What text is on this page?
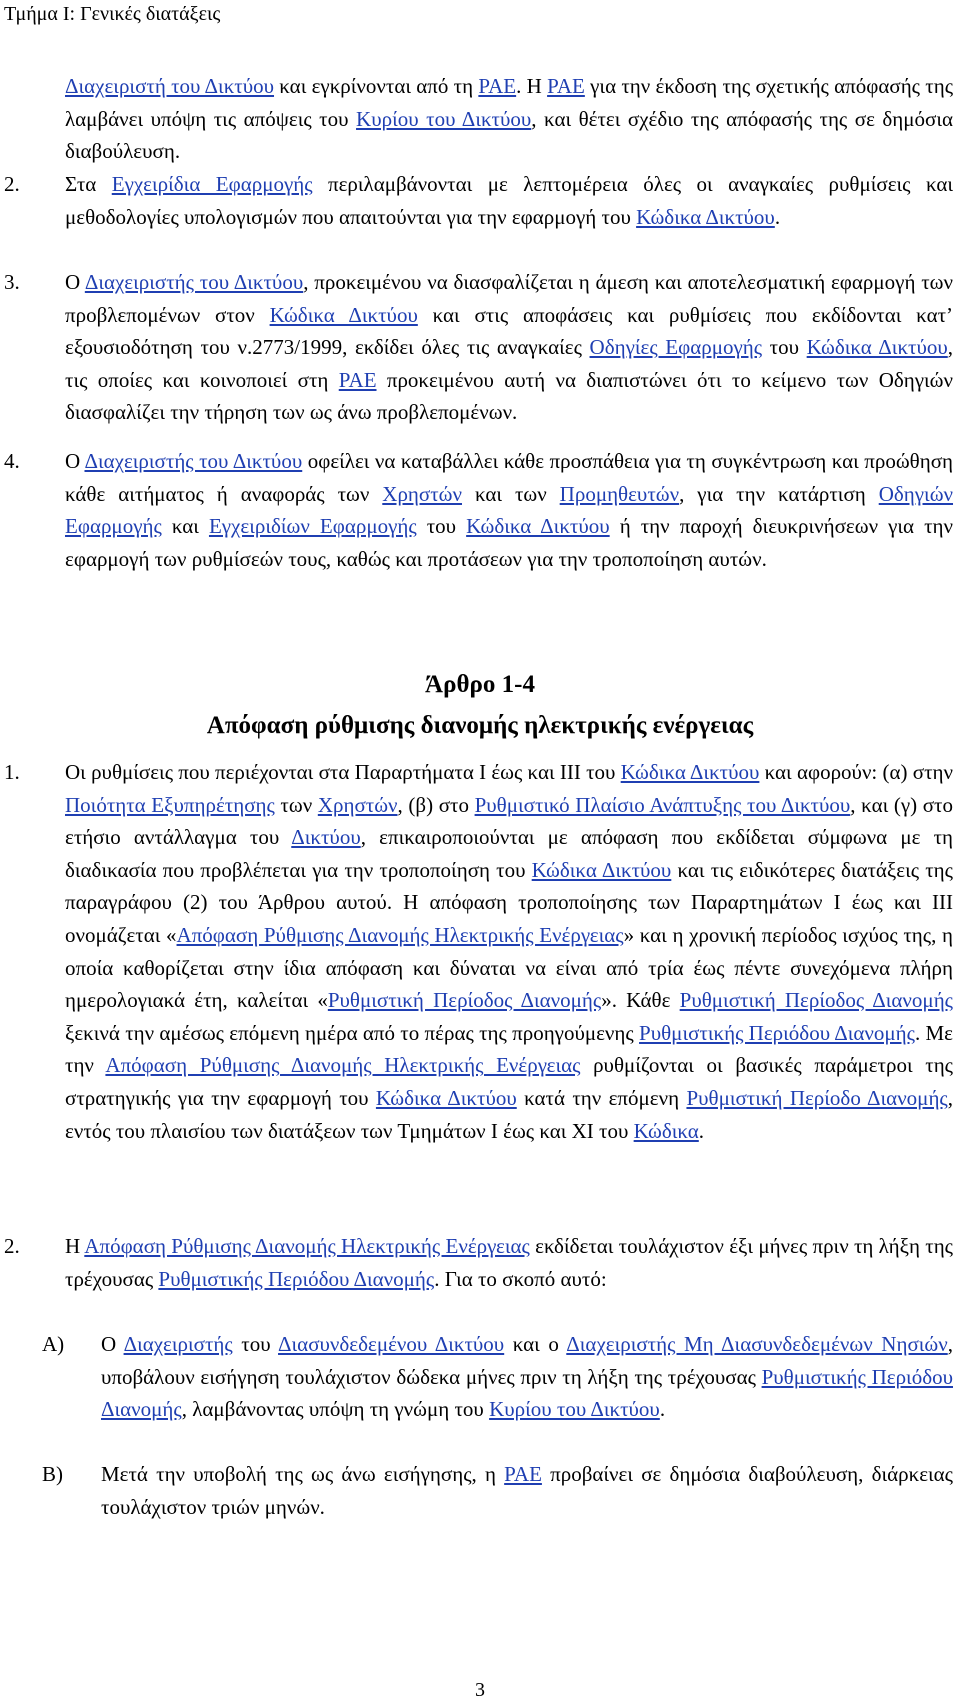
Τμήμα Ι: Γενικές διατάξεις

Διαχειριστή του Δικτύου και εγκρίνονται από τη ΡΑΕ. Η ΡΑΕ για την έκδοση της σχετικής απόφασής της λαμβάνει υπόψη τις απόψεις του Κυρίου του Δικτύου, και θέτει σχέδιο της απόφασής της σε δημόσια διαβούλευση.

2. Στα Εγχειρίδια Εφαρμογής περιλαμβάνονται με λεπτομέρεια όλες οι αναγκαίες ρυθμίσεις και μεθοδολογίες υπολογισμών που απαιτούνται για την εφαρμογή του Κώδικα Δικτύου.

3. Ο Διαχειριστής του Δικτύου, προκειμένου να διασφαλίζεται η άμεση και αποτελεσματική εφαρμογή των προβλεπομένων στον Κώδικα Δικτύου και στις αποφάσεις και ρυθμίσεις που εκδίδονται κατ’ εξουσιοδότηση του ν.2773/1999, εκδίδει όλες τις αναγκαίες Οδηγίες Εφαρμογής του Κώδικα Δικτύου, τις οποίες και κοινοποιεί στη ΡΑΕ προκειμένου αυτή να διαπιστώνει ότι το κείμενο των Οδηγιών διασφαλίζει την τήρηση των ως άνω προβλεπομένων.

4. Ο Διαχειριστής του Δικτύου οφείλει να καταβάλλει κάθε προσπάθεια για τη συγκέντρωση και προώθηση κάθε αιτήματος ή αναφοράς των Χρηστών και των Προμηθευτών, για την κατάρτιση Οδηγιών Εφαρμογής και Εγχειριδίων Εφαρμογής του Κώδικα Δικτύου ή την παροχή διευκρινήσεων για την εφαρμογή των ρυθμίσεών τους, καθώς και προτάσεων για την τροποποίηση αυτών.

Άρθρο 1-4
Απόφαση ρύθμισης διανομής ηλεκτρικής ενέργειας
1. Οι ρυθμίσεις που περιέχονται στα Παραρτήματα Ι έως και ΙΙΙ του Κώδικα Δικτύου και αφορούν: (α) στην Ποιότητα Εξυπηρέτησης των Χρηστών, (β) στο Ρυθμιστικό Πλαίσιο Ανάπτυξης του Δικτύου, και (γ) στο ετήσιο αντάλλαγμα του Δικτύου, επικαιροποιούνται με απόφαση που εκδίδεται σύμφωνα με τη διαδικασία που προβλέπεται για την τροποποίηση του Κώδικα Δικτύου και τις ειδικότερες διατάξεις της παραγράφου (2) του Άρθρου αυτού. Η απόφαση τροποποίησης των Παραρτημάτων Ι έως και ΙΙΙ ονομάζεται «Απόφαση Ρύθμισης Διανομής Ηλεκτρικής Ενέργειας» και η χρονική περίοδος ισχύος της, η οποία καθορίζεται στην ίδια απόφαση και δύναται να είναι από τρία έως πέντε συνεχόμενα πλήρη ημερολογιακά έτη, καλείται «Ρυθμιστική Περίοδος Διανομής». Κάθε Ρυθμιστική Περίοδος Διανομής ξεκινά την αμέσως επόμενη ημέρα από το πέρας της προηγούμενης Ρυθμιστικής Περιόδου Διανομής. Με την Απόφαση Ρύθμισης Διανομής Ηλεκτρικής Ενέργειας ρυθμίζονται οι βασικές παράμετροι της στρατηγικής για την εφαρμογή του Κώδικα Δικτύου κατά την επόμενη Ρυθμιστική Περίοδο Διανομής, εντός του πλαισίου των διατάξεων των Τμημάτων Ι έως και XI του Κώδικα.

2. Η Απόφαση Ρύθμισης Διανομής Ηλεκτρικής Ενέργειας εκδίδεται τουλάχιστον έξι μήνες πριν τη λήξη της τρέχουσας Ρυθμιστικής Περιόδου Διανομής. Για το σκοπό αυτό:

A) Ο Διαχειριστής του Διασυνδεδεμένου Δικτύου και ο Διαχειριστής Μη Διασυνδεδεμένων Νησιών, υποβάλουν εισήγηση τουλάχιστον δώδεκα μήνες πριν τη λήξη της τρέχουσας Ρυθμιστικής Περιόδου Διανομής, λαμβάνοντας υπόψη τη γνώμη του Κυρίου του Δικτύου.

B) Μετά την υποβολή της ως άνω εισήγησης, η ΡΑΕ προβαίνει σε δημόσια διαβούλευση, διάρκειας τουλάχιστον τριών μηνών.

3
